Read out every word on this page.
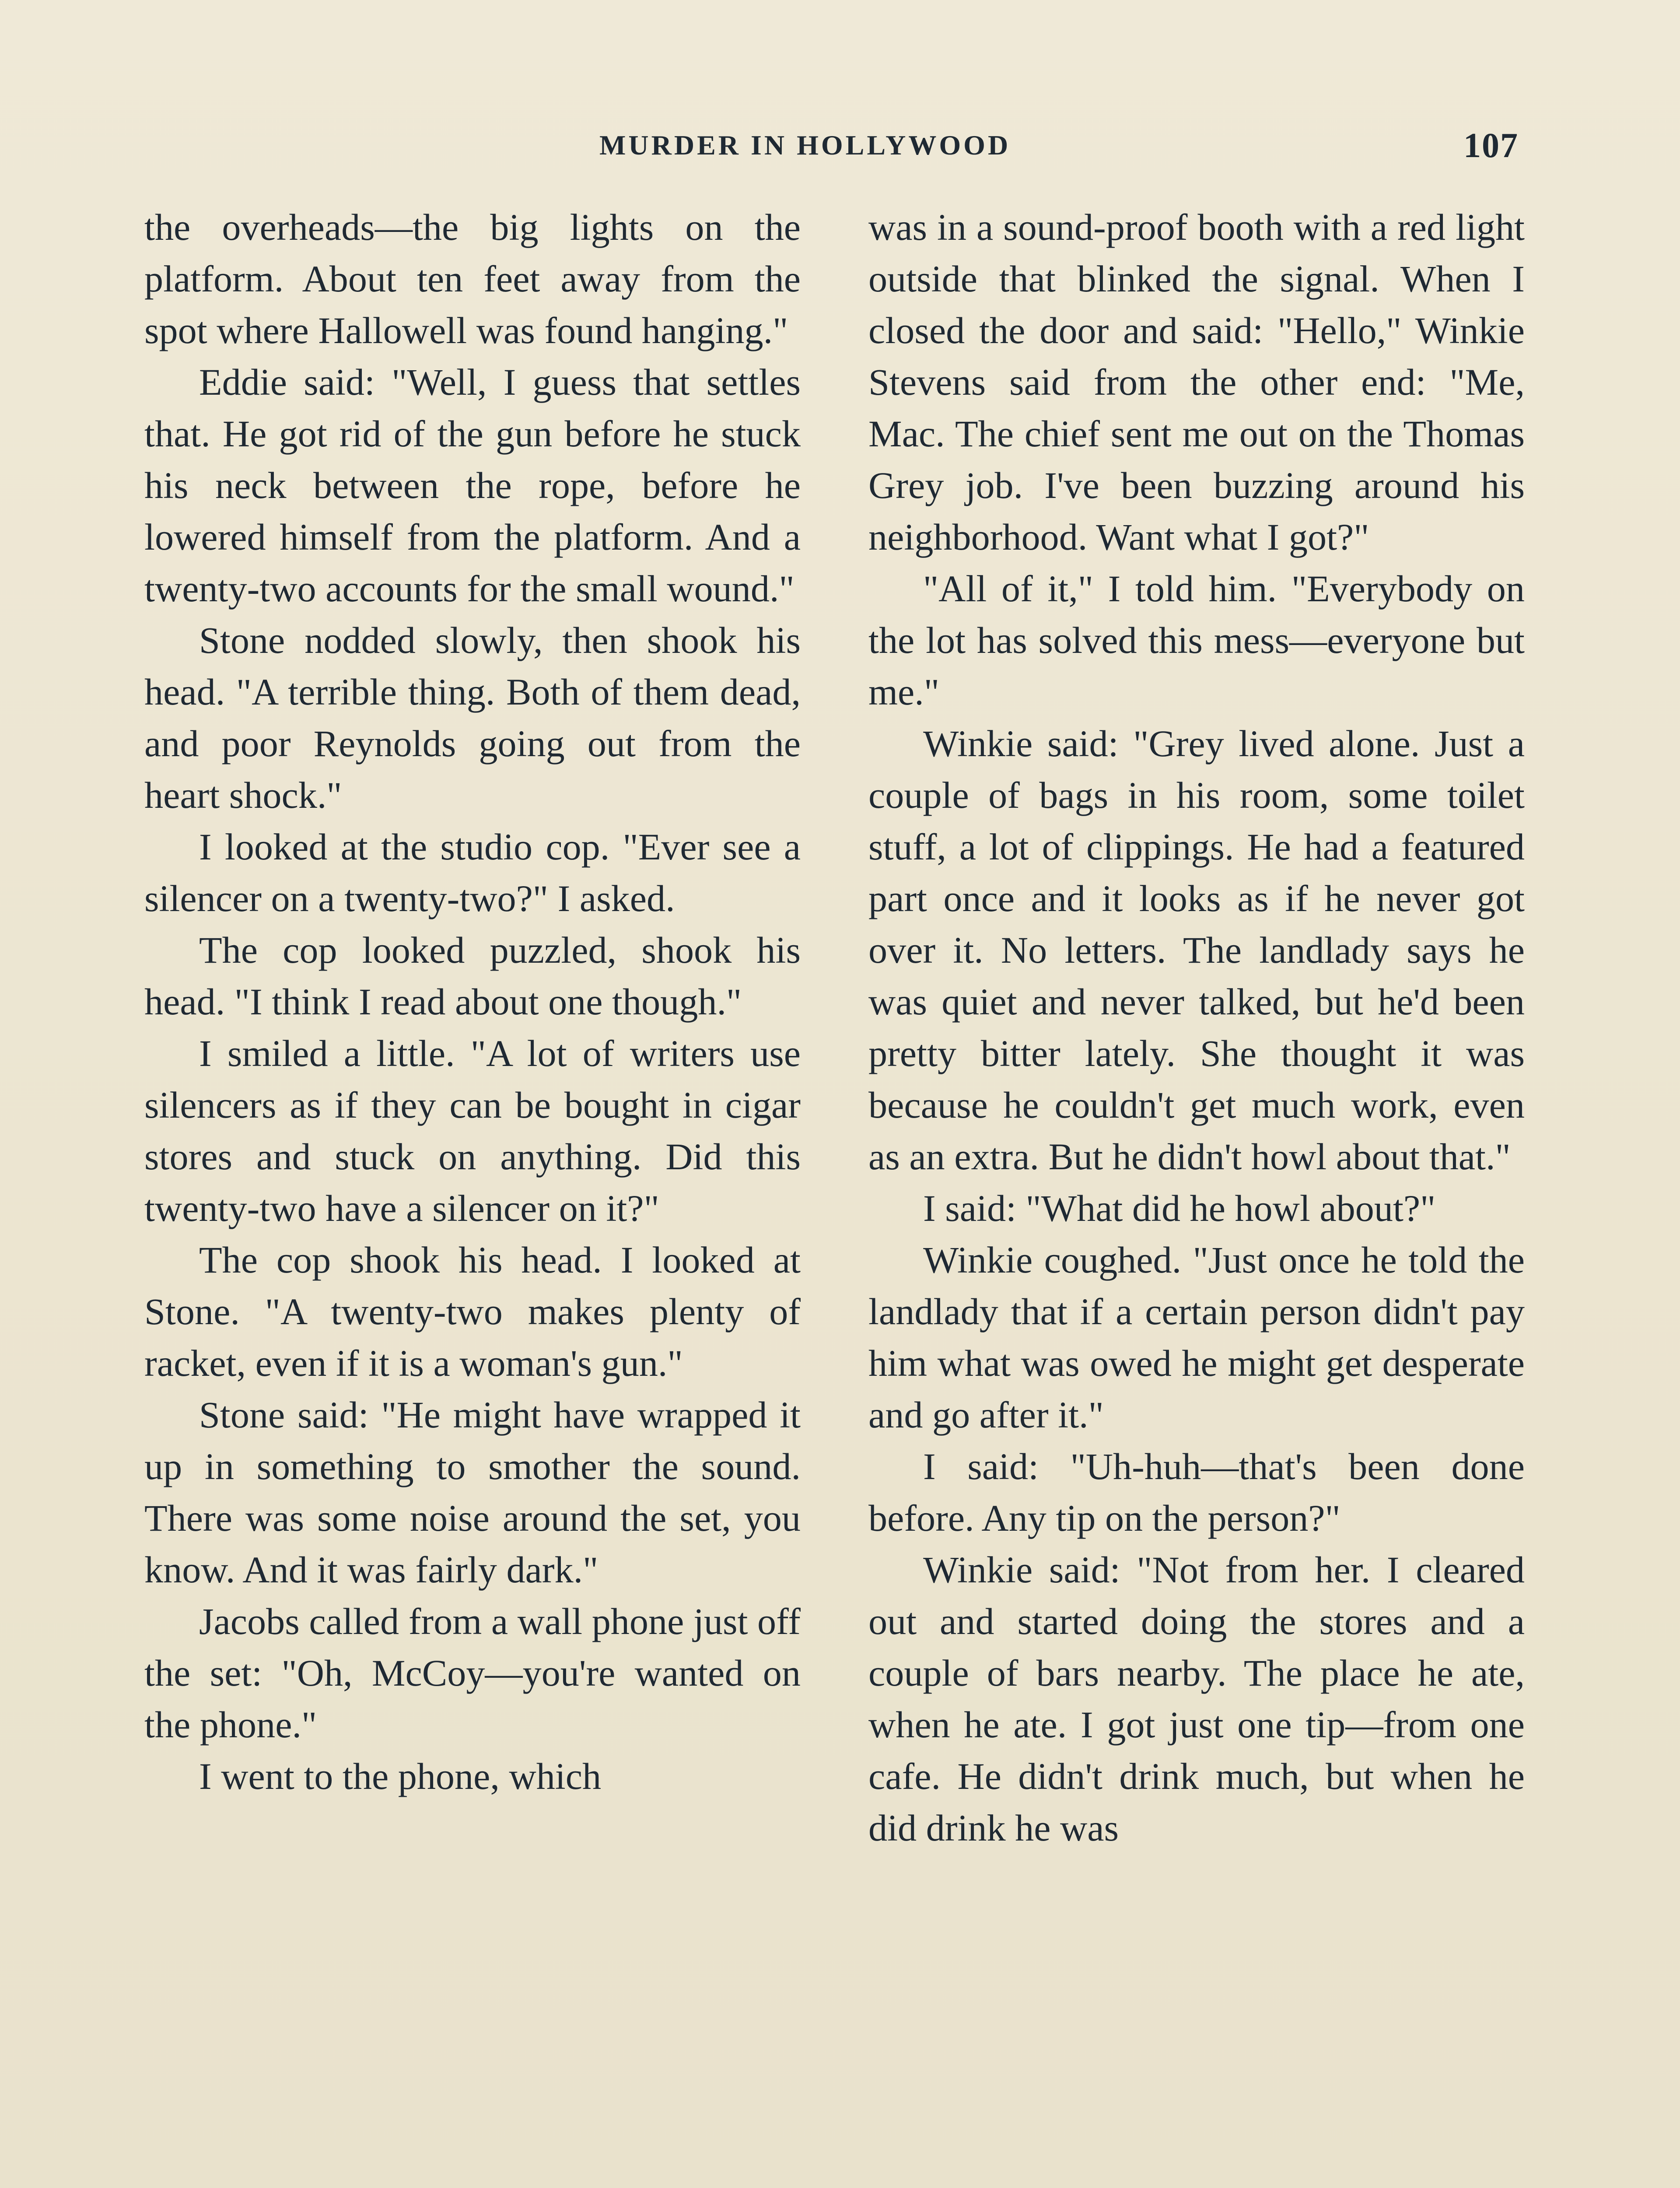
MURDER IN HOLLYWOOD	107

the overheads—the big lights on the platform. About ten feet away from the spot where Hallowell was found hanging."

Eddie said: "Well, I guess that settles that. He got rid of the gun before he stuck his neck between the rope, before he lowered himself from the platform. And a twenty-two accounts for the small wound."

Stone nodded slowly, then shook his head. "A terrible thing. Both of them dead, and poor Reynolds going out from the heart shock."

I looked at the studio cop. "Ever see a silencer on a twenty-two?" I asked.

The cop looked puzzled, shook his head. "I think I read about one though."

I smiled a little. "A lot of writers use silencers as if they can be bought in cigar stores and stuck on anything. Did this twenty-two have a silencer on it?"

The cop shook his head. I looked at Stone. "A twenty-two makes plenty of racket, even if it is a woman's gun."

Stone said: "He might have wrapped it up in something to smother the sound. There was some noise around the set, you know. And it was fairly dark."

Jacobs called from a wall phone just off the set: "Oh, McCoy—you're wanted on the phone."

I went to the phone, which

was in a sound-proof booth with a red light outside that blinked the signal. When I closed the door and said: "Hello," Winkie Stevens said from the other end: "Me, Mac. The chief sent me out on the Thomas Grey job. I've been buzzing around his neighborhood. Want what I got?"

"All of it," I told him. "Everybody on the lot has solved this mess—everyone but me."

Winkie said: "Grey lived alone. Just a couple of bags in his room, some toilet stuff, a lot of clippings. He had a featured part once and it looks as if he never got over it. No letters. The landlady says he was quiet and never talked, but he'd been pretty bitter lately. She thought it was because he couldn't get much work, even as an extra. But he didn't howl about that."

I said: "What did he howl about?"

Winkie coughed. "Just once he told the landlady that if a certain person didn't pay him what was owed he might get desperate and go after it."

I said: "Uh-huh—that's been done before. Any tip on the person?"

Winkie said: "Not from her. I cleared out and started doing the stores and a couple of bars nearby. The place he ate, when he ate. I got just one tip—from one cafe. He didn't drink much, but when he did drink he was
